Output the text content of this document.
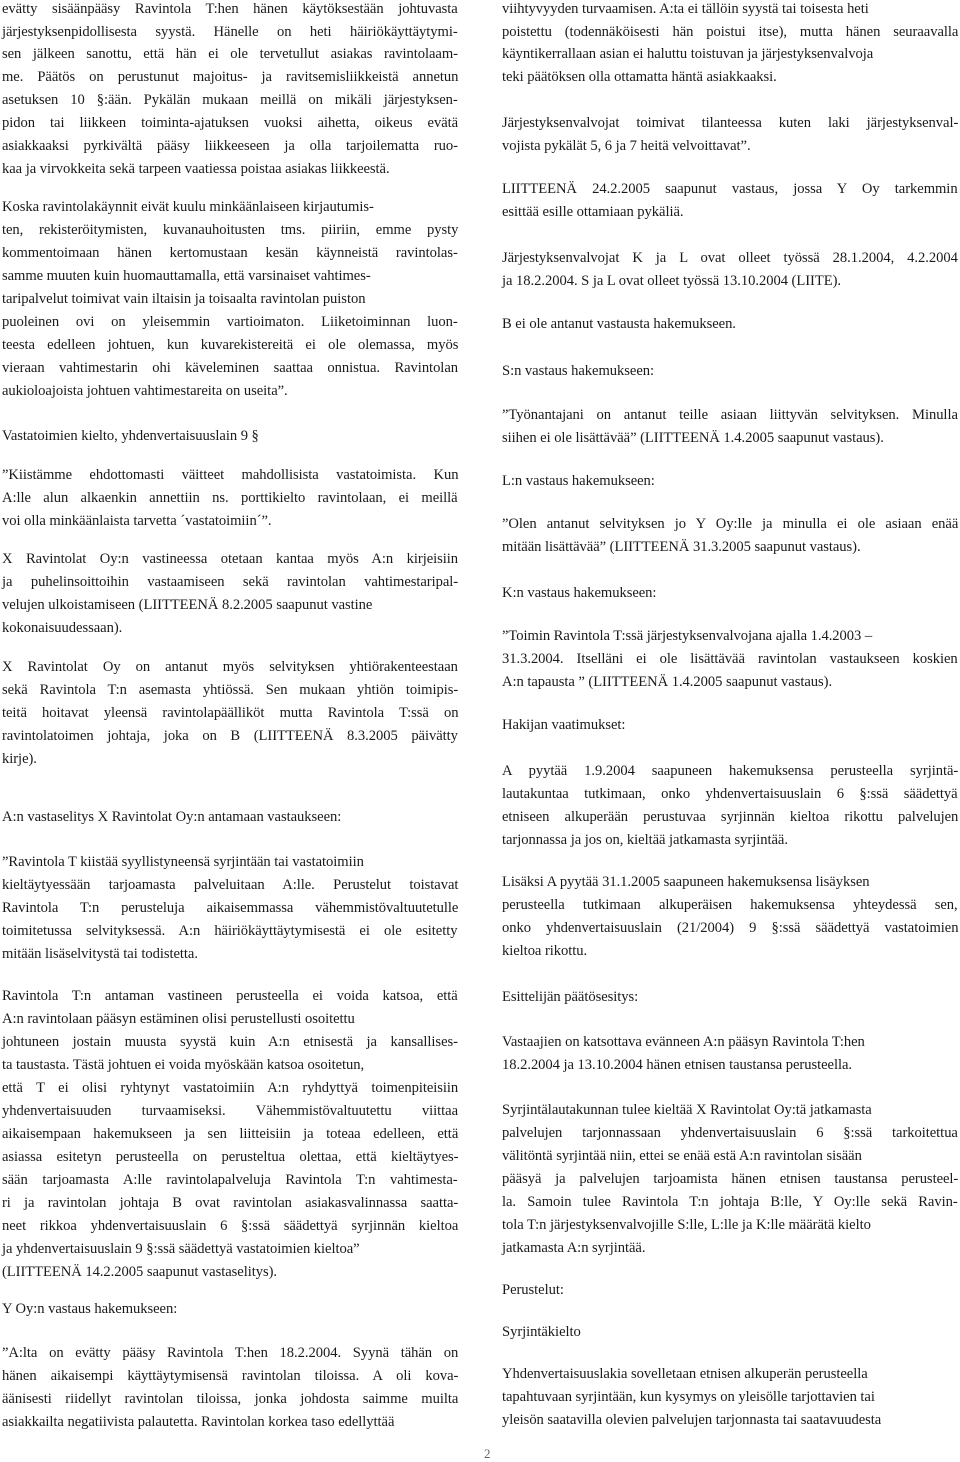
evätty sisäänpääsy Ravintola T:hen hänen käytöksestään johtuvasta
järjestyksenpidollisesta syystä. Hänelle on heti häiriökäyttäytymi-
sen jälkeen sanottu, että hän ei ole tervetullut asiakas ravintolaam-
me. Päätös on perustunut majoitus- ja ravitsemisliikkeistä annetun
asetuksen 10 §:ään. Pykälän mukaan meillä on mikäli järjestyksen-
pidon tai liikkeen toiminta-ajatuksen vuoksi aihetta, oikeus evätä
asiakkaaksi pyrkivältä pääsy liikkeeseen ja olla tarjoilematta ruo-
kaa ja virvokkeita sekä tarpeen vaatiessa poistaa asiakas liikkeestä.
Koska ravintolakäynnit eivät kuulu minkäänlaiseen kirjautumis-
ten, rekisteröitymisten, kuvanauhoitusten tms. piiriin, emme pysty
kommentoimaan hänen kertomustaan kesän käynneistä ravintolas-
samme muuten kuin huomauttamalla, että varsinaiset vahtimes-
taripalvelut toimivat vain iltaisin ja toisaalta ravintolan puiston
puoleinen ovi on yleisemmin vartioimaton. Liiketoiminnan luon-
teesta edelleen johtuen, kun kuvarekistereitä ei ole olemassa, myös
vieraan vahtimestarin ohi käveleminen saattaa onnistua. Ravintolan
aukioloajoista johtuen vahtimestareita on useita”.
Vastatoimien kielto, yhdenvertaisuuslain 9 §
”Kiistämme ehdottomasti väitteet mahdollisista vastatoimista. Kun
A:lle alun alkaenkin annettiin ns. porttikielto ravintolaan, ei meillä
voi olla minkäänlaista tarvetta ´vastatoimiin´”.
X Ravintolat Oy:n vastineessa otetaan kantaa myös A:n kirjeisiin
ja puhelinsoittoihin vastaamiseen sekä ravintolan vahtimestaripal-
velujen ulkoistamiseen (LIITTEENÄ 8.2.2005 saapunut vastine
kokonaisuudessaan).
X Ravintolat Oy on antanut myös selvityksen yhtiörakenteestaan
sekä Ravintola T:n asemasta yhtiössä. Sen mukaan yhtiön toimipis-
teitä hoitavat yleensä ravintolapäälliköt mutta Ravintola T:ssä on
ravintolatoimen johtaja, joka on B (LIITTEENÄ 8.3.2005 päivätty
kirje).
A:n vastaselitys X Ravintolat Oy:n antamaan vastaukseen:
”Ravintola T kiistää syyllistyneensä syrjintään tai vastatoimiin
kieltäytyessään tarjoamasta palveluitaan A:lle. Perustelut toistavat
Ravintola T:n perusteluja aikaisemmassa vähemmistövaltuutetulle
toimitetussa selvityksessä. A:n häiriökäyttäytymisestä ei ole esitetty
mitään lisäselvitystä tai todistetta.
Ravintola T:n antaman vastineen perusteella ei voida katsoa, että
A:n ravintolaan pääsyn estäminen olisi perustellusti osoitettu
johtuneen jostain muusta syystä kuin A:n etnisestä ja kansallises-
ta taustasta. Tästä johtuen ei voida myöskään katsoa osoitetun,
että T ei olisi ryhtynyt vastatoimiin A:n ryhdyttyä toimenpiteisiin
yhdenvertaisuuden turvaamiseksi. Vähemmistövaltuutettu viittaa
aikaisempaan hakemukseen ja sen liitteisiin ja toteaa edelleen, että
asiassa esitetyn perusteella on perusteltua olettaa, että kieltäytyes-
sään tarjoamasta A:lle ravintolapalveluja Ravintola T:n vahtimesta-
ri ja ravintolan johtaja B ovat ravintolan asiakasvalinnassa saatta-
neet rikkoa yhdenvertaisuuslain 6 §:ssä säädettyä syrjinnän kieltoa
ja yhdenvertaisuuslain 9 §:ssä säädettyä vastatoimien kieltoa”
(LIITTEENÄ 14.2.2005 saapunut vastaselitys).
Y Oy:n vastaus hakemukseen:
”A:lta on evätty pääsy Ravintola T:hen 18.2.2004. Syynä tähän on
hänen aikaisempi käyttäytymisensä ravintolan tiloissa. A oli kova-
äänisesti riidellyt ravintolan tiloissa, jonka johdosta saimme muilta
asiakkailta negatiivista palautetta. Ravintolan korkea taso edellyttää
viihtyvyyden turvaamisen. A:ta ei tällöin syystä tai toisesta heti
poistettu (todennäköisesti hän poistui itse), mutta hänen seuraavalla
käyntikerrallaan asian ei haluttu toistuvan ja järjestyksenvalvoja
teki päätöksen olla ottamatta häntä asiakkaaksi.
Järjestyksenvalvojat toimivat tilanteessa kuten laki järjestyksenval-
vojista pykälät 5, 6 ja 7 heitä velvoittavat”.
LIITTEENÄ 24.2.2005 saapunut vastaus, jossa Y Oy tarkemmin
esittää esille ottamiaan pykäliä.
Järjestyksenvalvojat K ja L ovat olleet työssä 28.1.2004, 4.2.2004
ja 18.2.2004. S ja L ovat olleet työssä 13.10.2004 (LIITE).
B ei ole antanut vastausta hakemukseen.
S:n vastaus hakemukseen:
”Työnantajani on antanut teille asiaan liittyvän selvityksen. Minulla
siihen ei ole lisättävää” (LIITTEENÄ 1.4.2005 saapunut vastaus).
L:n vastaus hakemukseen:
”Olen antanut selvityksen jo Y Oy:lle ja minulla ei ole asiaan enää
mitään lisättävää” (LIITTEENÄ 31.3.2005 saapunut vastaus).
K:n vastaus hakemukseen:
”Toimin Ravintola T:ssä järjestyksenvalvojana ajalla 1.4.2003 –
31.3.2004. Itselläni ei ole lisättävää ravintolan vastaukseen koskien
A:n tapausta ” (LIITTEENÄ 1.4.2005 saapunut vastaus).
Hakijan vaatimukset:
A pyytää 1.9.2004 saapuneen hakemuksensa perusteella syrjintä-
lautakuntaa tutkimaan, onko yhdenvertaisuuslain 6 §:ssä säädettyä
etniseen alkuperään perustuvaa syrjinnän kieltoa rikottu palvelujen
tarjonnassa ja jos on, kieltää jatkamasta syrjintää.
Lisäksi A pyytää 31.1.2005 saapuneen hakemuksensa lisäyksen
perusteella tutkimaan alkuperäisen hakemuksensa yhteydessä sen,
onko yhdenvertaisuuslain (21/2004) 9 §:ssä säädettyä vastatoimien
kieltoa rikottu.
Esittelijän päätösesitys:
Vastaajien on katsottava evänneen A:n pääsyn Ravintola T:hen
18.2.2004 ja 13.10.2004 hänen etnisen taustansa perusteella.
Syrjintälautakunnan tulee kieltää X Ravintolat Oy:tä jatkamasta
palvelujen tarjonnassaan yhdenvertaisuuslain 6 §:ssä tarkoitettua
välitöntä syrjintää niin, ettei se enää estä A:n ravintolan sisään
pääsyä ja palvelujen tarjoamista hänen etnisen taustansa perusteel-
la. Samoin tulee Ravintola T:n johtaja B:lle, Y Oy:lle sekä Ravin-
tola T:n järjestyksenvalvojille S:lle, L:lle ja K:lle määrätä kielto
jatkamasta A:n syrjintää.
Perustelut:
Syrjintäkielto
Yhdenvertaisuuslakia sovelletaan etnisen alkuperän perusteella
tapahtuvaan syrjintään, kun kysymys on yleisölle tarjottavien tai
yleisön saatavilla olevien palvelujen tarjonnasta tai saatavuudesta
2
